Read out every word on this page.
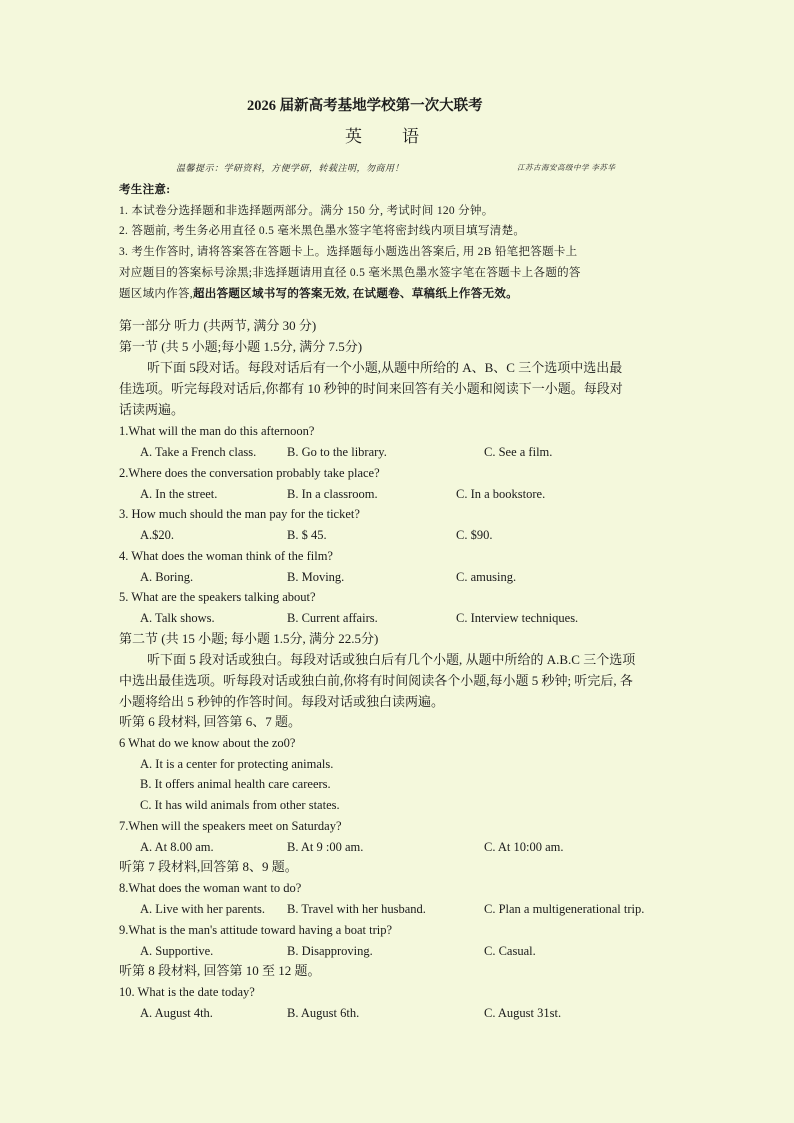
2026 届新高考基地学校第一次大联考
英 语
温馨提示：学研资料，方便学研，转载注明，勿商用！	江苏古海安高级中学 李苏华
考生注意:
1. 本试卷分选择题和非选择题两部分。满分 150 分, 考试时间 120 分钟。
2. 答题前, 考生务必用直径 0.5 毫米黑色墨水签字笔将密封线内项目填写清楚。
3. 考生作答时, 请将答案答在答题卡上。选择题每小题选出答案后, 用 2B 铅笔把答题卡上
对应题目的答案标号涂黑;非选择题请用直径 0.5 毫米黑色墨水签字笔在答题卡上各题的答
题区域内作答,超出答题区域书写的答案无效, 在试题卷、草稿纸上作答无效。
第一部分 听力 (共两节, 满分 30 分)
第一节 (共 5 小题;每小题 1.5分, 满分 7.5分)
听下面 5段对话。每段对话后有一个小题,从题中所给的 A、B、C 三个选项中选出最
佳选项。听完每段对话后,你都有 10 秒钟的时间来回答有关小题和阅读下一小题。每段对
话读两遍。
1.What will the man do this afternoon?
A. Take a French class. B. Go to the library.	C. See a film.
2.Where does the conversation probably take place?
A. In the street.	B. In a classroom.	C. In a bookstore.
3. How much should the man pay for the ticket?
A.$20.	B. $ 45.	C. $90.
4. What does the woman think of the film?
A. Boring.	B. Moving.	C. amusing.
5. What are the speakers talking about?
A. Talk shows.	B. Current affairs.	C. Interview techniques.
第二节 (共 15 小题; 每小题 1.5分, 满分 22.5分)
听下面 5 段对话或独白。每段对话或独白后有几个小题, 从题中所给的 A.B.C 三个选项
中选出最佳选项。听每段对话或独白前,你将有时间阅读各个小题,每小题 5 秒钟; 听完后, 各
小题将给出 5 秒钟的作答时间。每段对话或独白读两遍。
听第 6 段材料, 回答第 6、7 题。
6 What do we know about the zo0?
A. It is a center for protecting animals.
B. It offers animal health care careers.
C. It has wild animals from other states.
7.When will the speakers meet on Saturday?
A. At 8.00 am.	B. At 9 :00 am.	C. At 10:00 am.
听第 7 段材料,回答第 8、9 题。
8.What does the woman want to do?
A. Live with her parents. B. Travel with her husband.	C. Plan a multigenerational trip.
9.What is the man's attitude toward having a boat trip?
A. Supportive.	B. Disapproving.	C. Casual.
听第 8 段材料, 回答第 10 至 12 题。
10. What is the date today?
A. August 4th.	B. August 6th.	C. August 31st.
